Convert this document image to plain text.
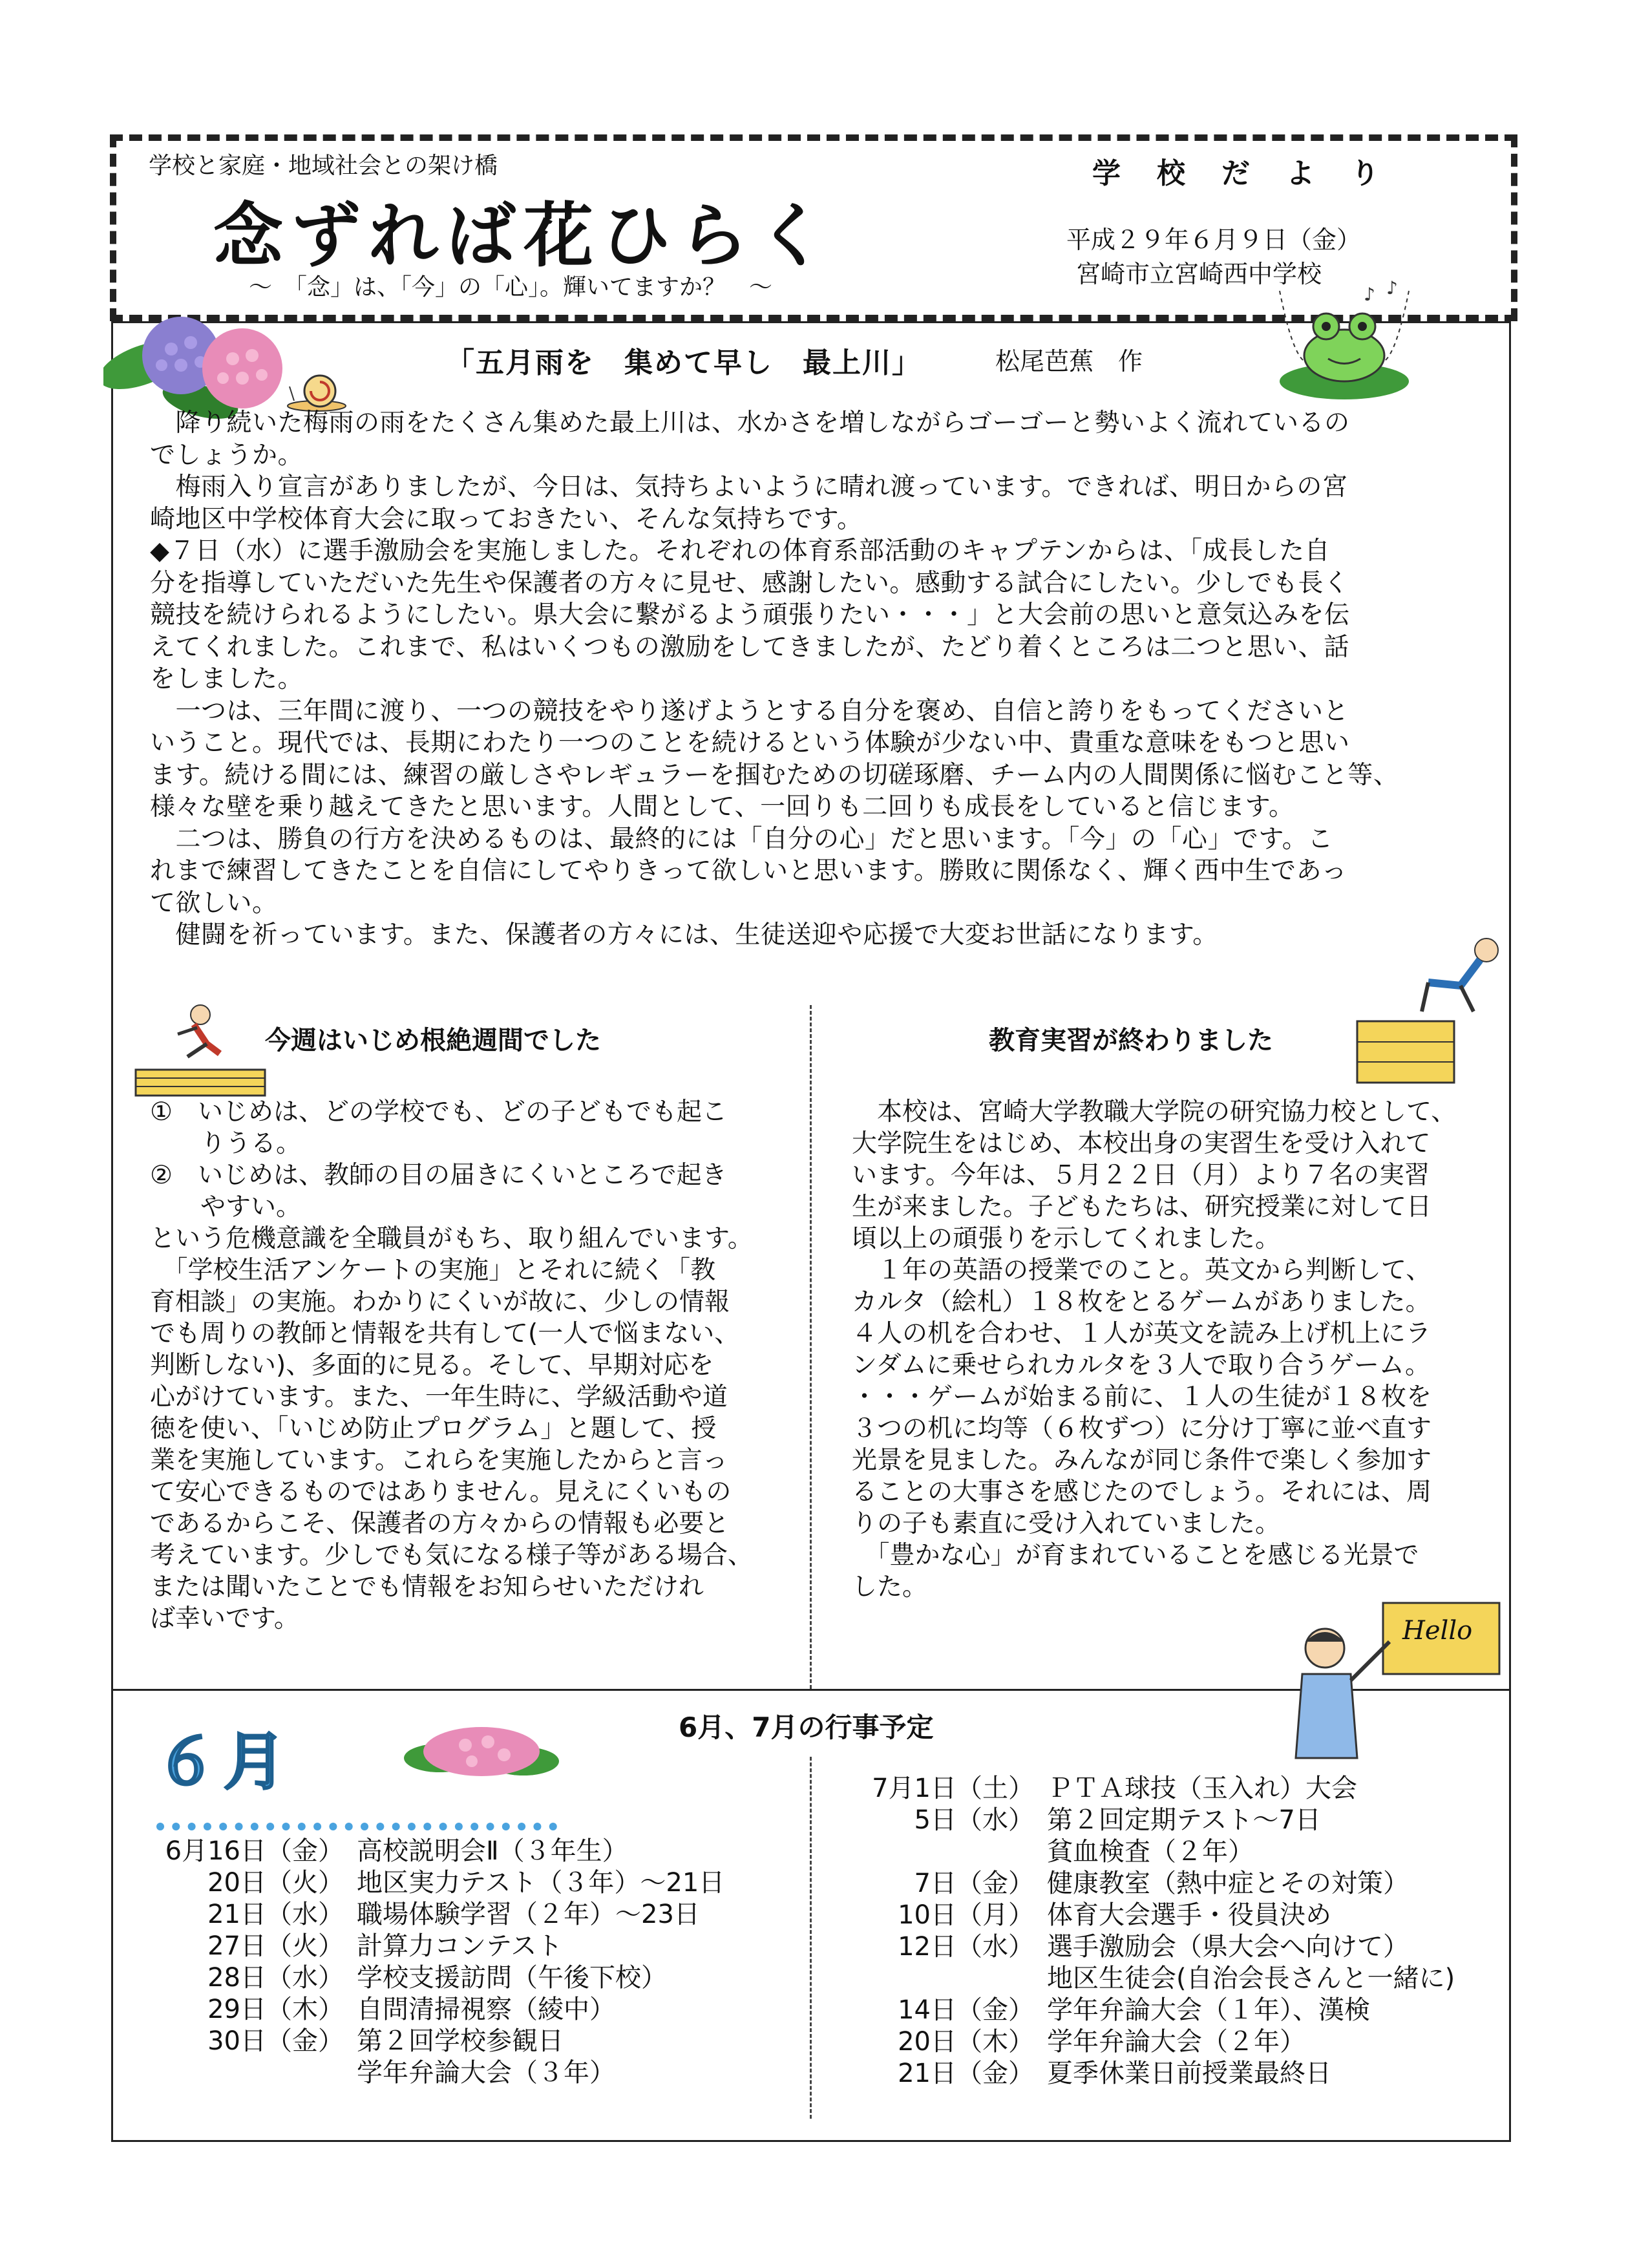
学校と家庭・地域社会との架け橋
念ずれば花ひらく
～　「念」は、「今」の「心」。輝いてますか？　～
学　校　だ　よ　り
平成２９年６月９日（金）
宮崎市立宮崎西中学校
♪ ♪
「五月雨を　集めて早し　最上川」	松尾芭蕉　作
　降り続いた梅雨の雨をたくさん集めた最上川は、水かさを増しながらゴーゴーと勢いよく流れているの
でしょうか。
　梅雨入り宣言がありましたが、今日は、気持ちよいように晴れ渡っています。できれば、明日からの宮
崎地区中学校体育大会に取っておきたい、そんな気持ちです。
◆７日（水）に選手激励会を実施しました。それぞれの体育系部活動のキャプテンからは、「成長した自
分を指導していただいた先生や保護者の方々に見せ、感謝したい。感動する試合にしたい。少しでも長く
競技を続けられるようにしたい。県大会に繋がるよう頑張りたい・・・」と大会前の思いと意気込みを伝
えてくれました。これまで、私はいくつもの激励をしてきましたが、たどり着くところは二つと思い、話
をしました。
　一つは、三年間に渡り、一つの競技をやり遂げようとする自分を褒め、自信と誇りをもってくださいと
いうこと。現代では、長期にわたり一つのことを続けるという体験が少ない中、貴重な意味をもつと思い
ます。続ける間には、練習の厳しさやレギュラーを掴むための切磋琢磨、チーム内の人間関係に悩むこと等、
様々な壁を乗り越えてきたと思います。人間として、一回りも二回りも成長をしていると信じます。
　二つは、勝負の行方を決めるものは、最終的には「自分の心」だと思います。「今」の「心」です。こ
れまで練習してきたことを自信にしてやりきって欲しいと思います。勝敗に関係なく、輝く西中生であっ
て欲しい。
　健闘を祈っています。また、保護者の方々には、生徒送迎や応援で大変お世話になります。
今週はいじめ根絶週間でした
①　いじめは、どの学校でも、どの子どもでも起こ
　　りうる。
②　いじめは、教師の目の届きにくいところで起き
　　やすい。
という危機意識を全職員がもち、取り組んでいます。
　「学校生活アンケートの実施」とそれに続く「教
育相談」の実施。わかりにくいが故に、少しの情報
でも周りの教師と情報を共有して(一人で悩まない、
判断しない)、多面的に見る。そして、早期対応を
心がけています。また、一年生時に、学級活動や道
徳を使い、「いじめ防止プログラム」と題して、授
業を実施しています。これらを実施したからと言っ
て安心できるものではありません。見えにくいもの
であるからこそ、保護者の方々からの情報も必要と
考えています。少しでも気になる様子等がある場合、
または聞いたことでも情報をお知らせいただけれ
ば幸いです。
教育実習が終わりました
　本校は、宮崎大学教職大学院の研究協力校として、
大学院生をはじめ、本校出身の実習生を受け入れて
います。今年は、５月２２日（月）より７名の実習
生が来ました。子どもたちは、研究授業に対して日
頃以上の頑張りを示してくれました。
　１年の英語の授業でのこと。英文から判断して、
カルタ（絵札）１８枚をとるゲームがありました。
４人の机を合わせ、１人が英文を読み上げ机上にラ
ンダムに乗せられカルタを３人で取り合うゲーム。
・・・ゲームが始まる前に、１人の生徒が１８枚を
３つの机に均等（６枚ずつ）に分け丁寧に並べ直す
光景を見ました。みんなが同じ条件で楽しく参加す
ることの大事さを感じたのでしょう。それには、周
りの子も素直に受け入れていました。
　「豊かな心」が育まれていることを感じる光景で
した。
Hello
６月	6月、7月の行事予定
6月16日（金） 高校説明会Ⅱ（３年生）
20日（火） 地区実力テスト（３年）～21日
21日（水） 職場体験学習（２年）～23日
27日（火） 計算力コンテスト
28日（水） 学校支援訪問（午後下校）
29日（木） 自問清掃視察（綾中）
30日（金） 第２回学校参観日
学年弁論大会（３年）
7月1日（土） ＰＴＡ球技（玉入れ）大会
5日（水） 第２回定期テスト～7日
貧血検査（２年）
7日（金） 健康教室（熱中症とその対策）
10日（月） 体育大会選手・役員決め
12日（水） 選手激励会（県大会へ向けて）
地区生徒会(自治会長さんと一緒に)
14日（金） 学年弁論大会（１年）、漢検
20日（木） 学年弁論大会（２年）
21日（金） 夏季休業日前授業最終日
